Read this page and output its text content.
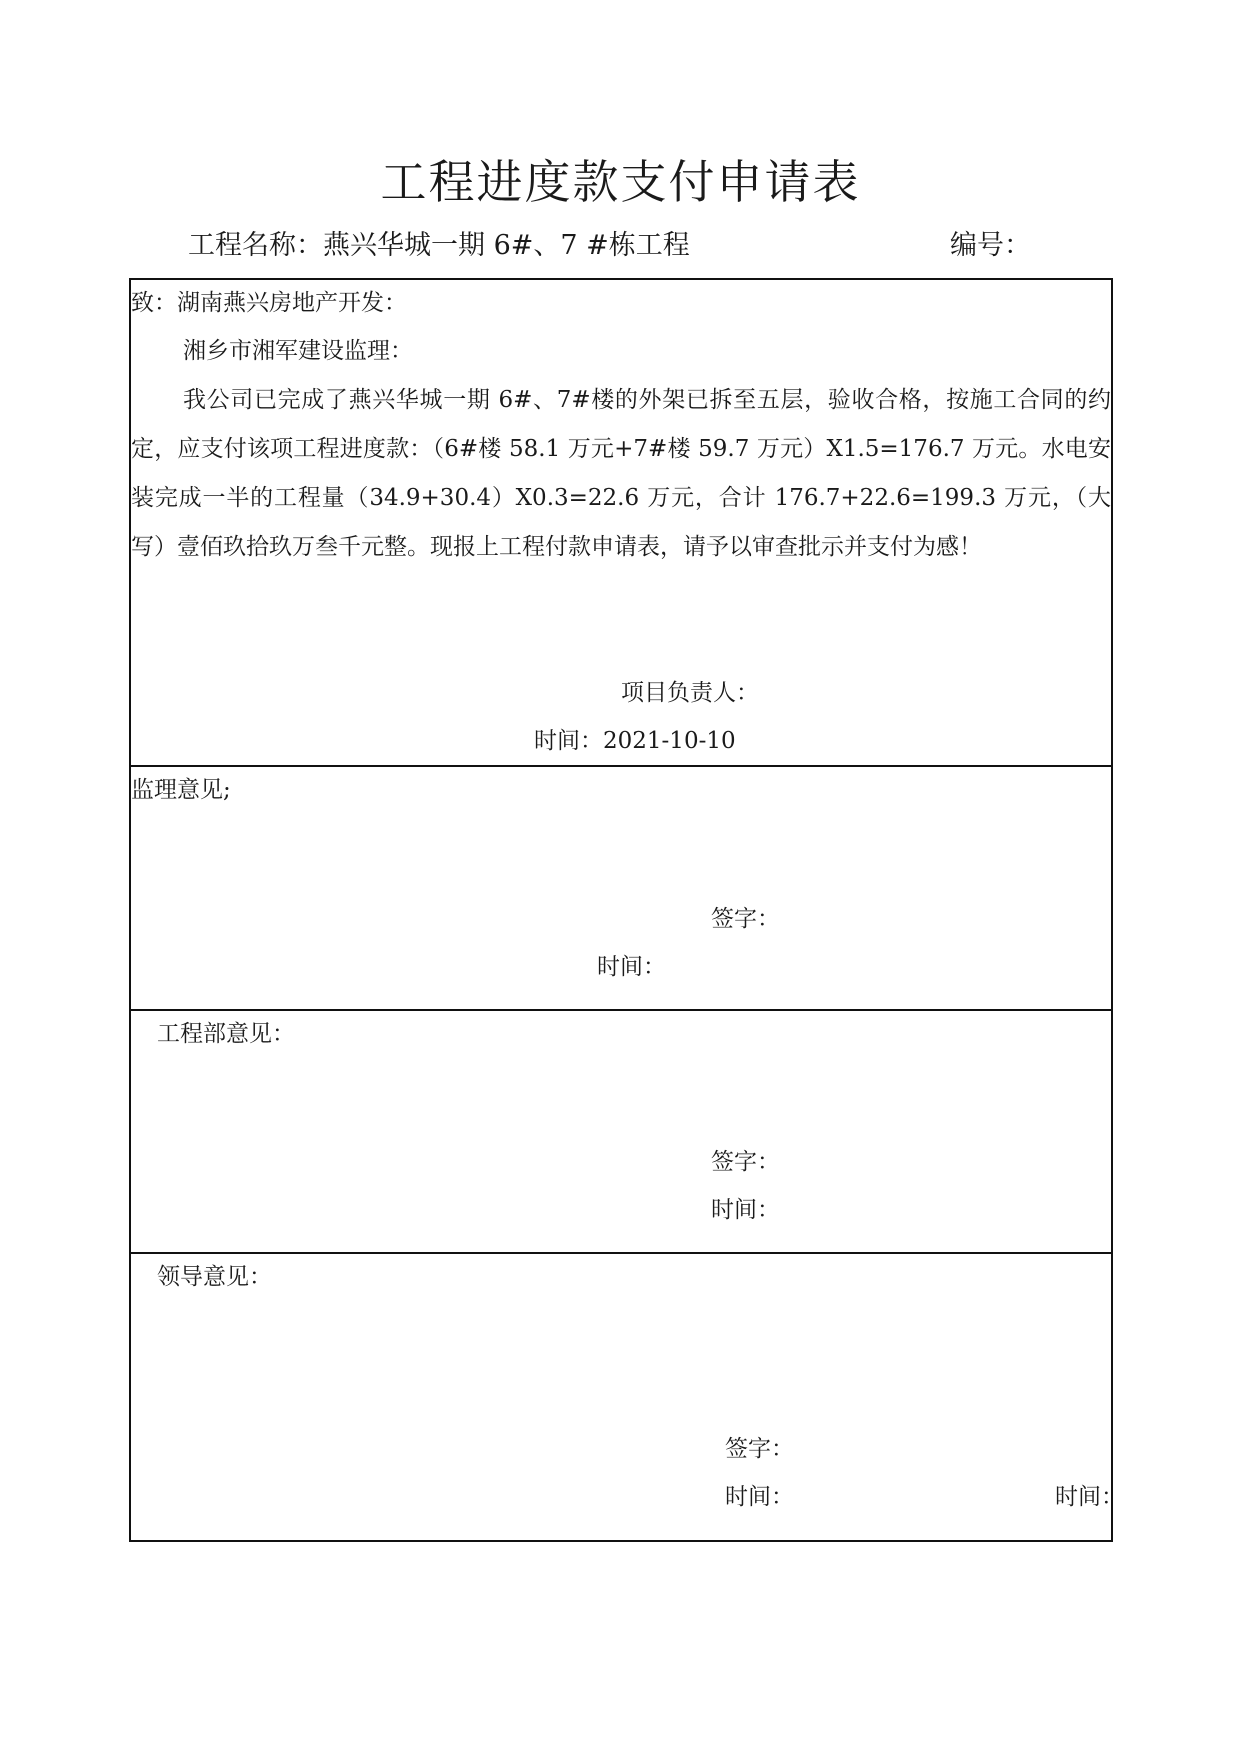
工程进度款支付申请表
工程名称：燕兴华城一期 6#、7 #栋工程	编号：
致：湖南燕兴房地产开发：
湘乡市湘军建设监理：
我公司已完成了燕兴华城一期 6#、7#楼的外架已拆至五层，验收合格，按施工合同的约定，应支付该项工程进度款：（6#楼 58.1 万元+7#楼 59.7 万元）X1.5=176.7 万元。水电安装完成一半的工程量（34.9+30.4）X0.3=22.6 万元，合计 176.7+22.6=199.3 万元，（大写）壹佰玖拾玖万叁千元整。现报上工程付款申请表，请予以审查批示并支付为感！
项目负责人：
时间：2021-10-10
监理意见;
签字：
时间：
工程部意见：
签字：
时间：
领导意见：
签字：
时间：	时间：
